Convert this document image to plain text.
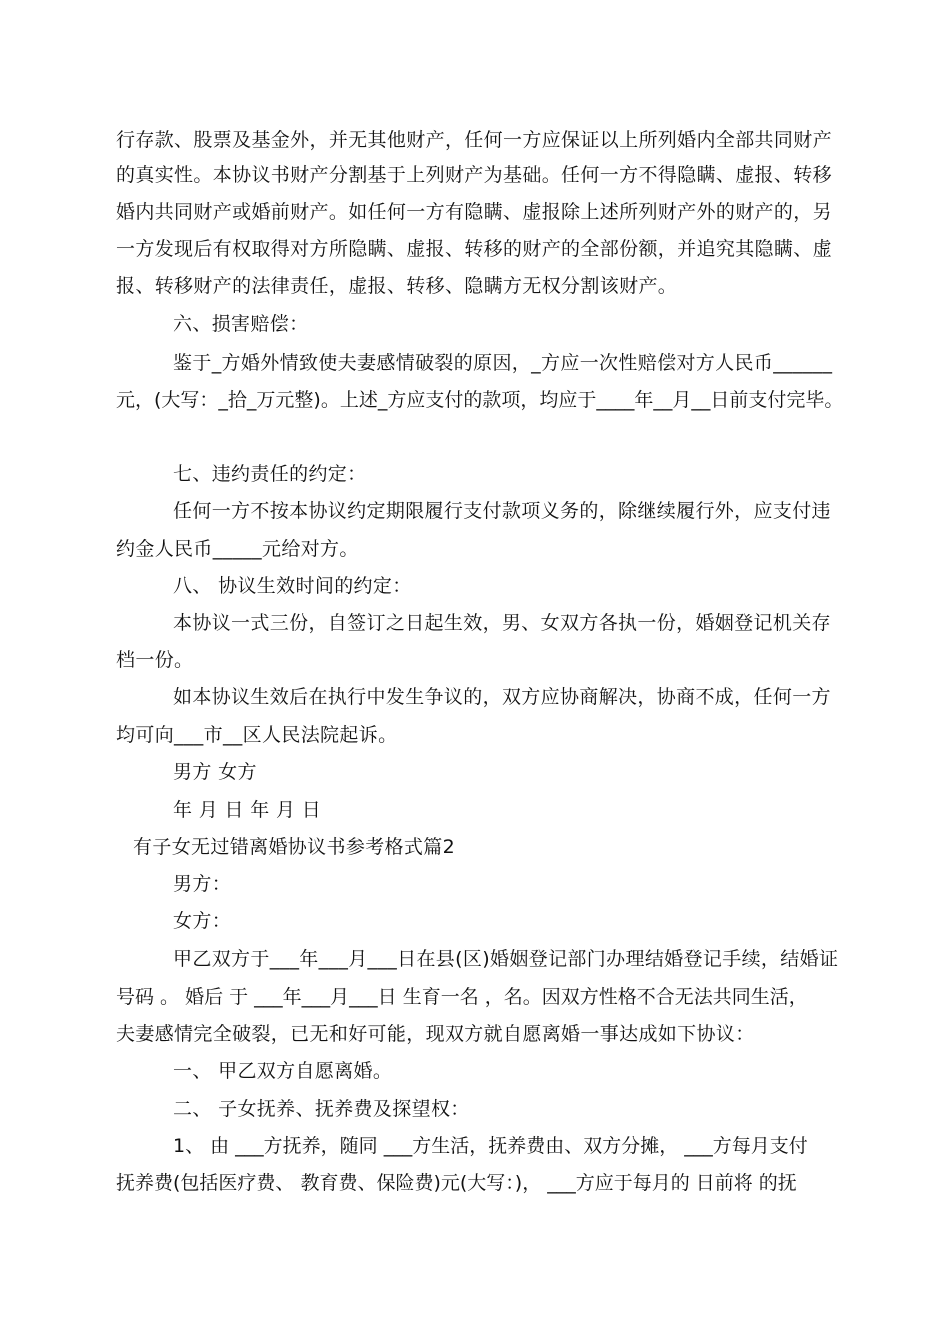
行存款、股票及基金外，并无其他财产，任何一方应保证以上所列婚内全部共同财产
的真实性。本协议书财产分割基于上列财产为基础。任何一方不得隐瞒、虚报、转移
婚内共同财产或婚前财产。如任何一方有隐瞒、虚报除上述所列财产外的财产的，另
一方发现后有权取得对方所隐瞒、虚报、转移的财产的全部份额，并追究其隐瞒、虚
报、转移财产的法律责任，虚报、转移、隐瞒方无权分割该财产。
六、损害赔偿：
鉴于_方婚外情致使夫妻感情破裂的原因，_方应一次性赔偿对方人民币______
元，(大写：_拾_万元整)。上述_方应支付的款项，均应于____年__月__日前支付完毕。
七、违约责任的约定：
任何一方不按本协议约定期限履行支付款项义务的，除继续履行外，应支付违
约金人民币_____元给对方。
八、 协议生效时间的约定：
本协议一式三份，自签订之日起生效，男、女双方各执一份，婚姻登记机关存
档一份。
如本协议生效后在执行中发生争议的，双方应协商解决，协商不成，任何一方
均可向___市__区人民法院起诉。
男方 女方
年 月 日 年 月 日
有子女无过错离婚协议书参考格式篇2
男方：
女方：
甲乙双方于___年___月___日在县(区)婚姻登记部门办理结婚登记手续，结婚证
号码 。 婚后 于 ___年___月___日 生育一名 ，名。因双方性格不合无法共同生活，
夫妻感情完全破裂，已无和好可能，现双方就自愿离婚一事达成如下协议：
一、 甲乙双方自愿离婚。
二、 子女抚养、抚养费及探望权：
1、 由 ___方抚养，随同 ___方生活，抚养费由、双方分摊， ___方每月支付
抚养费(包括医疗费、 教育费、保险费)元(大写：)， ___方应于每月的 日前将 的抚
